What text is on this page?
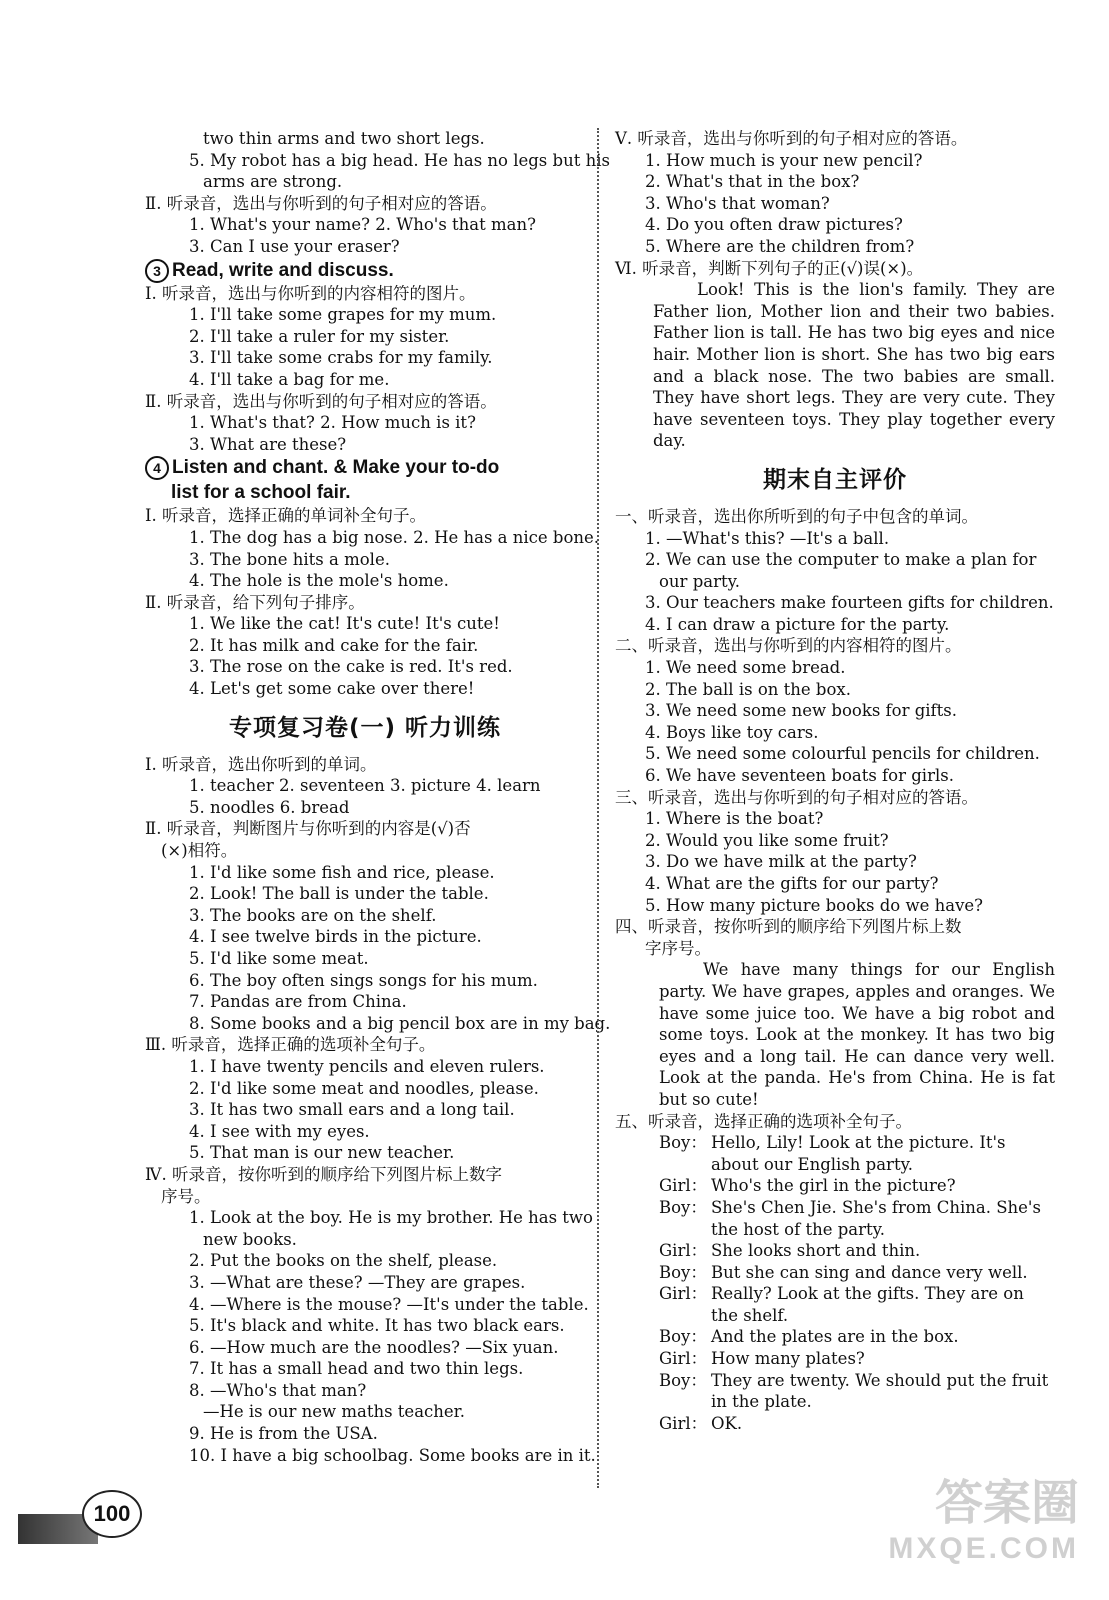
two thin arms and two short legs.
5. My robot has a big head. He has no legs but his
arms are strong.
Ⅱ. 听录音，选出与你听到的句子相对应的答语。
1. What's your name? 2. Who's that man?
3. Can I use your eraser?
3 Read, write and discuss.
Ⅰ. 听录音，选出与你听到的内容相符的图片。
1. I'll take some grapes for my mum.
2. I'll take a ruler for my sister.
3. I'll take some crabs for my family.
4. I'll take a bag for me.
Ⅱ. 听录音，选出与你听到的句子相对应的答语。
1. What's that? 2. How much is it?
3. What are these?
4 Listen and chant. & Make your to-do
list for a school fair.
Ⅰ. 听录音，选择正确的单词补全句子。
1. The dog has a big nose. 2. He has a nice bone.
3. The bone hits a mole.
4. The hole is the mole's home.
Ⅱ. 听录音，给下列句子排序。
1. We like the cat! It's cute! It's cute!
2. It has milk and cake for the fair.
3. The rose on the cake is red. It's red.
4. Let's get some cake over there!
专项复习卷(一) 听力训练
Ⅰ. 听录音，选出你听到的单词。
1. teacher 2. seventeen 3. picture 4. learn
5. noodles 6. bread
Ⅱ. 听录音，判断图片与你听到的内容是(√)否
(×)相符。
1. I'd like some fish and rice, please.
2. Look! The ball is under the table.
3. The books are on the shelf.
4. I see twelve birds in the picture.
5. I'd like some meat.
6. The boy often sings songs for his mum.
7. Pandas are from China.
8. Some books and a big pencil box are in my bag.
Ⅲ. 听录音，选择正确的选项补全句子。
1. I have twenty pencils and eleven rulers.
2. I'd like some meat and noodles, please.
3. It has two small ears and a long tail.
4. I see with my eyes.
5. That man is our new teacher.
Ⅳ. 听录音，按你听到的顺序给下列图片标上数字
序号。
1. Look at the boy. He is my brother. He has two
new books.
2. Put the books on the shelf, please.
3. —What are these? —They are grapes.
4. —Where is the mouse? —It's under the table.
5. It's black and white. It has two black ears.
6. —How much are the noodles? —Six yuan.
7. It has a small head and two thin legs.
8. —Who's that man?
—He is our new maths teacher.
9. He is from the USA.
10. I have a big schoolbag. Some books are in it.
Ⅴ. 听录音，选出与你听到的句子相对应的答语。
1. How much is your new pencil?
2. What's that in the box?
3. Who's that woman?
4. Do you often draw pictures?
5. Where are the children from?
Ⅵ. 听录音，判断下列句子的正(√)误(×)。
Look! This is the lion's family. They are Father lion, Mother lion and their two babies. Father lion is tall. He has two big eyes and nice hair. Mother lion is short. She has two big ears and a black nose. The two babies are small. They have short legs. They are very cute. They have seventeen toys. They play together every day.
期末自主评价
一、听录音，选出你所听到的句子中包含的单词。
1. —What's this? —It's a ball.
2. We can use the computer to make a plan for
our party.
3. Our teachers make fourteen gifts for children.
4. I can draw a picture for the party.
二、听录音，选出与你听到的内容相符的图片。
1. We need some bread.
2. The ball is on the box.
3. We need some new books for gifts.
4. Boys like toy cars.
5. We need some colourful pencils for children.
6. We have seventeen boats for girls.
三、听录音，选出与你听到的句子相对应的答语。
1. Where is the boat?
2. Would you like some fruit?
3. Do we have milk at the party?
4. What are the gifts for our party?
5. How many picture books do we have?
四、听录音，按你听到的顺序给下列图片标上数
字序号。
We have many things for our English party. We have grapes, apples and oranges. We have some juice too. We have a big robot and some toys. Look at the monkey. It has two big eyes and a long tail. He can dance very well. Look at the panda. He's from China. He is fat but so cute!
五、听录音，选择正确的选项补全句子。
Boy： Hello, Lily! Look at the picture. It's about our English party.
Girl： Who's the girl in the picture?
Boy： She's Chen Jie. She's from China. She's the host of the party.
Girl： She looks short and thin.
Boy： But she can sing and dance very well.
Girl： Really? Look at the gifts. They are on the shelf.
Boy： And the plates are in the box.
Girl： How many plates?
Boy： They are twenty. We should put the fruit in the plate.
Girl： OK.
100	答案圈
MXQE.COM
